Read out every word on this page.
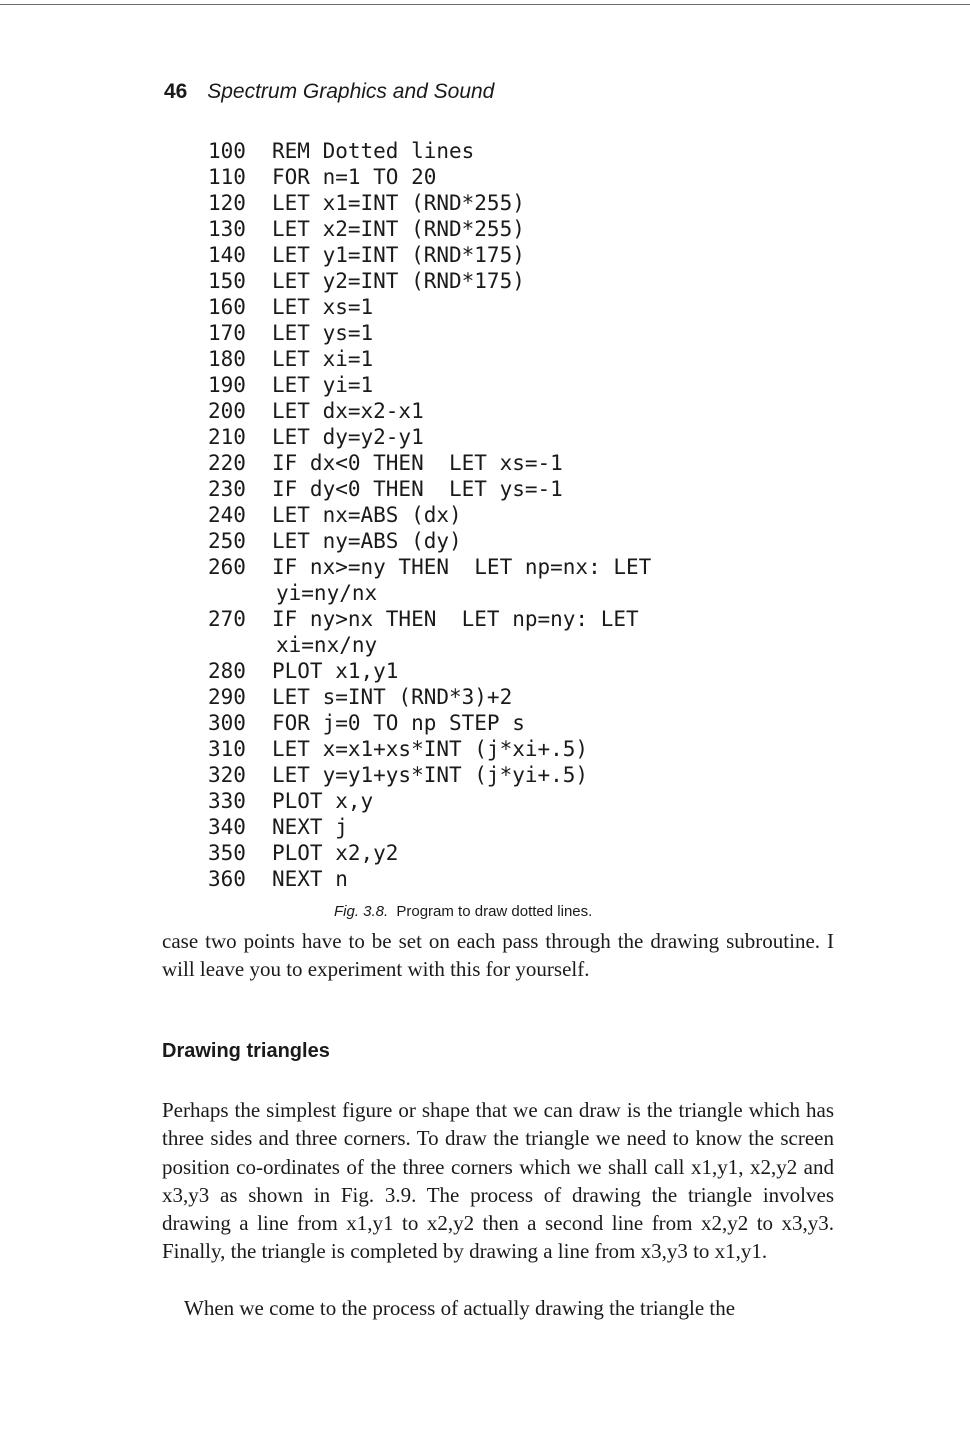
46 Spectrum Graphics and Sound
100	REM Dotted lines
110	FOR n=1 TO 20
120	LET x1=INT (RND*255)
130	LET x2=INT (RND*255)
140	LET y1=INT (RND*175)
150	LET y2=INT (RND*175)
160	LET xs=1
170	LET ys=1
180	LET xi=1
190	LET yi=1
200	LET dx=x2-x1
210	LET dy=y2-y1
220	IF dx<0 THEN  LET xs=-1
230	IF dy<0 THEN  LET ys=-1
240	LET nx=ABS (dx)
250	LET ny=ABS (dy)
260	IF nx>=ny THEN  LET np=nx: LET
yi=ny/nx
270	IF ny>nx THEN  LET np=ny: LET
xi=nx/ny
280	PLOT x1,y1
290	LET s=INT (RND*3)+2
300	FOR j=0 TO np STEP s
310	LET x=x1+xs*INT (j*xi+.5)
320	LET y=y1+ys*INT (j*yi+.5)
330	PLOT x,y
340	NEXT j
350	PLOT x2,y2
360	NEXT n
Fig. 3.8. Program to draw dotted lines.

case two points have to be set on each pass through the drawing subroutine. I will leave you to experiment with this for yourself.

Drawing triangles

Perhaps the simplest figure or shape that we can draw is the triangle which has three sides and three corners. To draw the triangle we need to know the screen position co-ordinates of the three corners which we shall call x1,y1, x2,y2 and x3,y3 as shown in Fig. 3.9. The process of drawing the triangle involves drawing a line from x1,y1 to x2,y2 then a second line from x2,y2 to x3,y3. Finally, the triangle is completed by drawing a line from x3,y3 to x1,y1.

When we come to the process of actually drawing the triangle the
